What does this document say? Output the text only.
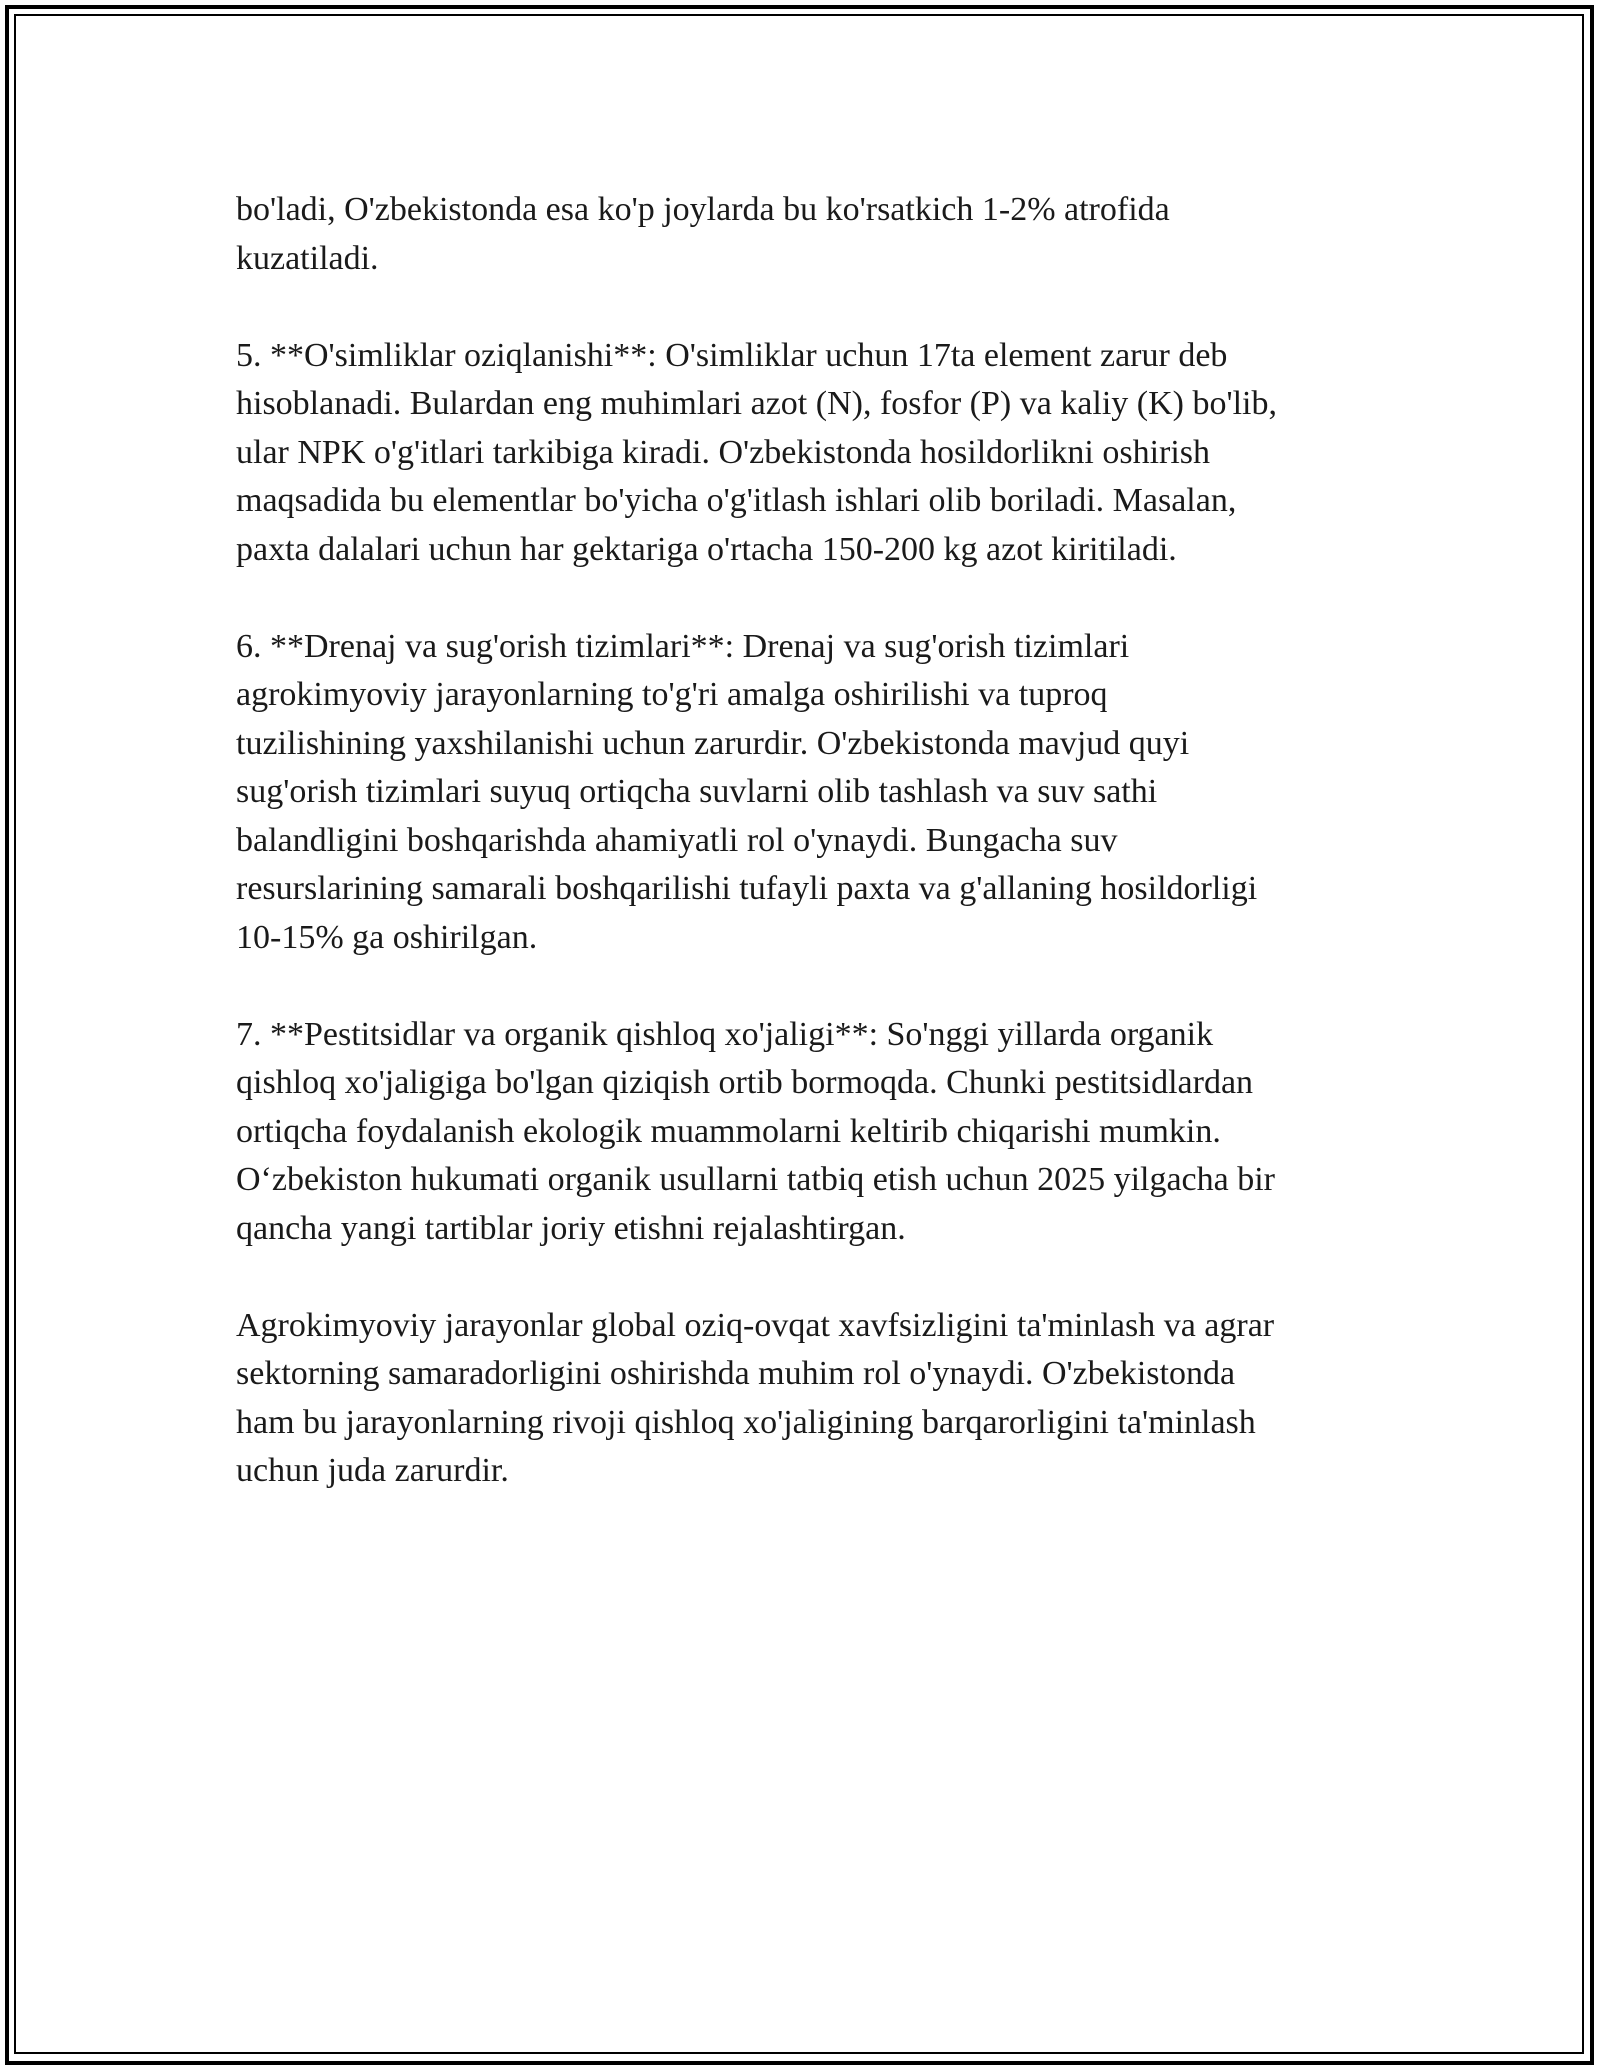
bo'ladi, O'zbekistonda esa ko'p joylarda bu ko'rsatkich 1-2% atrofida
kuzatiladi.

5. **O'simliklar oziqlanishi**: O'simliklar uchun 17ta element zarur deb
hisoblanadi. Bulardan eng muhimlari azot (N), fosfor (P) va kaliy (K) bo'lib,
ular NPK o'g'itlari tarkibiga kiradi. O'zbekistonda hosildorlikni oshirish
maqsadida bu elementlar bo'yicha o'g'itlash ishlari olib boriladi. Masalan,
paxta dalalari uchun har gektariga o'rtacha 150-200 kg azot kiritiladi.

6. **Drenaj va sug'orish tizimlari**: Drenaj va sug'orish tizimlari
agrokimyoviy jarayonlarning to'g'ri amalga oshirilishi va tuproq
tuzilishining yaxshilanishi uchun zarurdir. O'zbekistonda mavjud quyi
sug'orish tizimlari suyuq ortiqcha suvlarni olib tashlash va suv sathi
balandligini boshqarishda ahamiyatli rol o'ynaydi. Bungacha suv
resurslarining samarali boshqarilishi tufayli paxta va g'allaning hosildorligi
10-15% ga oshirilgan.

7. **Pestitsidlar va organik qishloq xo'jaligi**: So'nggi yillarda organik
qishloq xo'jaligiga bo'lgan qiziqish ortib bormoqda. Chunki pestitsidlardan
ortiqcha foydalanish ekologik muammolarni keltirib chiqarishi mumkin.
O‘zbekiston hukumati organik usullarni tatbiq etish uchun 2025 yilgacha bir
qancha yangi tartiblar joriy etishni rejalashtirgan.

Agrokimyoviy jarayonlar global oziq-ovqat xavfsizligini ta'minlash va agrar
sektorning samaradorligini oshirishda muhim rol o'ynaydi. O'zbekistonda
ham bu jarayonlarning rivoji qishloq xo'jaligining barqarorligini ta'minlash
uchun juda zarurdir.
